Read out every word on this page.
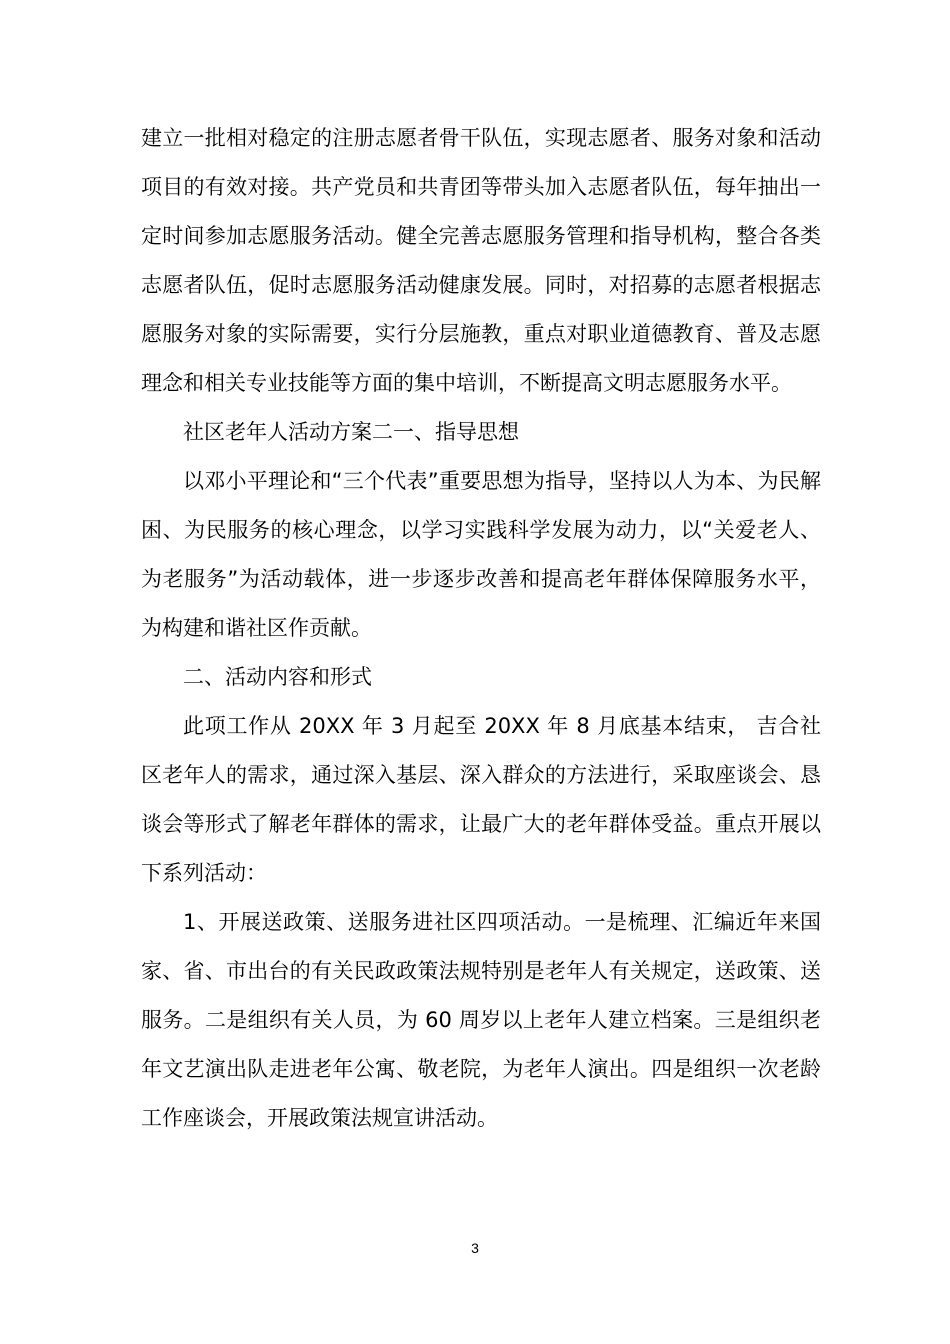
建立一批相对稳定的注册志愿者骨干队伍，实现志愿者、服务对象和活动项目的有效对接。共产党员和共青团等带头加入志愿者队伍，每年抽出一定时间参加志愿服务活动。健全完善志愿服务管理和指导机构，整合各类志愿者队伍，促时志愿服务活动健康发展。同时，对招募的志愿者根据志愿服务对象的实际需要，实行分层施教，重点对职业道德教育、普及志愿理念和相关专业技能等方面的集中培训，不断提高文明志愿服务水平。

社区老年人活动方案二一、指导思想

以邓小平理论和“三个代表”重要思想为指导，坚持以人为本、为民解困、为民服务的核心理念，以学习实践科学发展为动力，以“关爱老人、为老服务”为活动载体，进一步逐步改善和提高老年群体保障服务水平，为构建和谐社区作贡献。

二、活动内容和形式

此项工作从 20XX 年 3 月起至 20XX 年 8 月底基本结束， 吉合社区老年人的需求，通过深入基层、深入群众的方法进行，采取座谈会、恳谈会等形式了解老年群体的需求，让最广大的老年群体受益。重点开展以下系列活动：

1、开展送政策、送服务进社区四项活动。一是梳理、汇编近年来国家、省、市出台的有关民政政策法规特别是老年人有关规定，送政策、送服务。二是组织有关人员，为 60 周岁以上老年人建立档案。三是组织老年文艺演出队走进老年公寓、敬老院，为老年人演出。四是组织一次老龄工作座谈会，开展政策法规宣讲活动。

3
